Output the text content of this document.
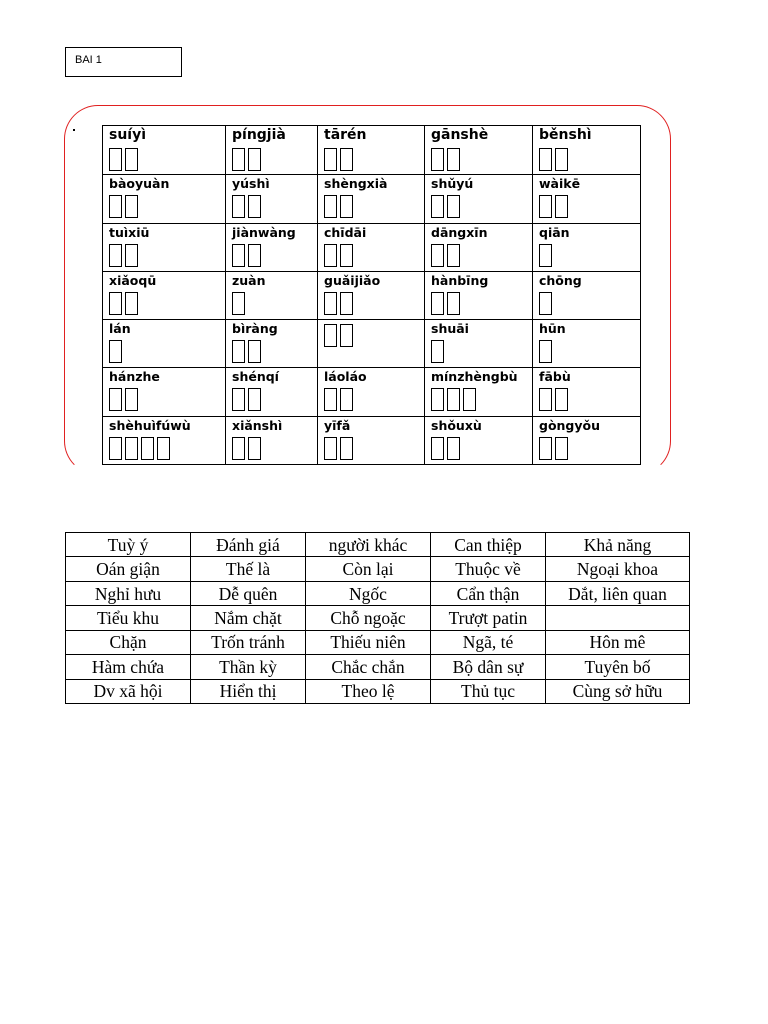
BAI 1
suíyì	píngjià	tārén	gānshè	běnshì

bàoyuàn	yúshì	shèngxià	shǔyú	wàikē

tuìxiū	jiànwàng	chīdāi	dāngxīn	qiān

xiǎoqū	zuàn	guǎijiǎo	hànbīng	chōng

lán	bìràng		shuāi	hūn

hánzhe	shénqí	láoláo	mínzhèngbù	fābù

shèhuìfúwù	xiǎnshì	yīfǎ	shǒuxù	gòngyǒu
Tuỳ ý	Đánh giá	người khác	Can thiệp	Khả năng
Oán giận	Thế là	Còn lại	Thuộc về	Ngoại khoa
Nghỉ hưu	Dễ quên	Ngốc	Cẩn thận	Dắt, liên quan
Tiểu khu	Nắm chặt	Chỗ ngoặc	Trượt patin	
Chặn	Trốn tránh	Thiếu niên	Ngã, té	Hôn mê
Hàm chứa	Thần kỳ	Chắc chắn	Bộ dân sự	Tuyên bố
Dv xã hội	Hiển thị	Theo lệ	Thủ tục	Cùng sở hữu
